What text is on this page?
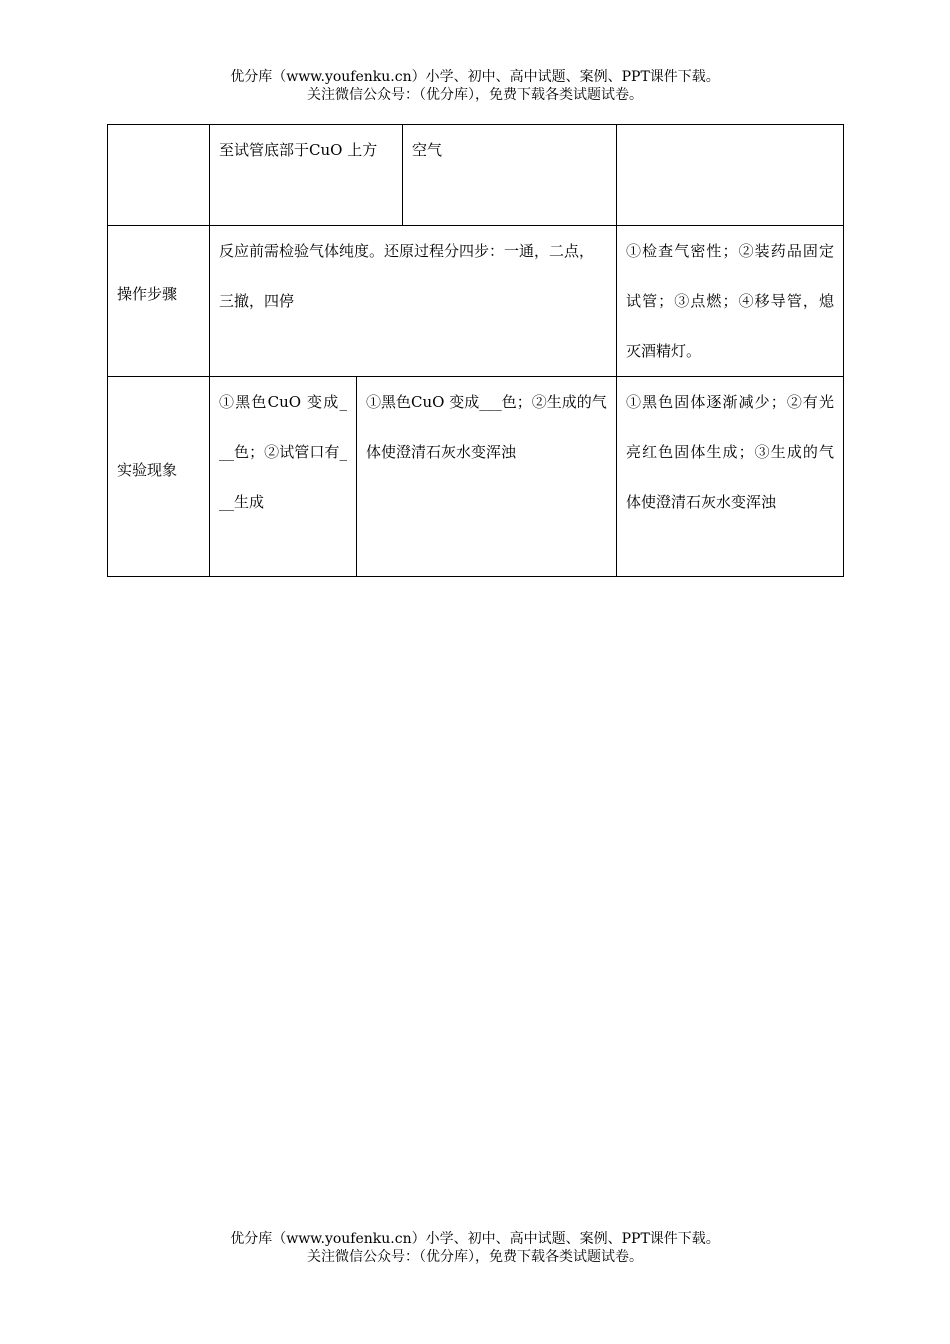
优分库（www.youfenku.cn）小学、初中、高中试题、案例、PPT课件下载。
关注微信公众号：（优分库），免费下载各类试题试卷。

	至试管底部于CuO 上方		空气	

操作步骤	反应前需检验气体纯度。还原过程分四步：一通，二点，三撤，四停			①检查气密性；②装药品固定试管；③点燃；④移导管，熄灭酒精灯。

实验现象	①黑色CuO 变成___色；②试管口有___生成	①黑色CuO 变成___色；②生成的气体使澄清石灰水变浑浊		①黑色固体逐渐减少；②有光亮红色固体生成；③生成的气体使澄清石灰水变浑浊
优分库（www.youfenku.cn）小学、初中、高中试题、案例、PPT课件下载。
关注微信公众号：（优分库），免费下载各类试题试卷。
